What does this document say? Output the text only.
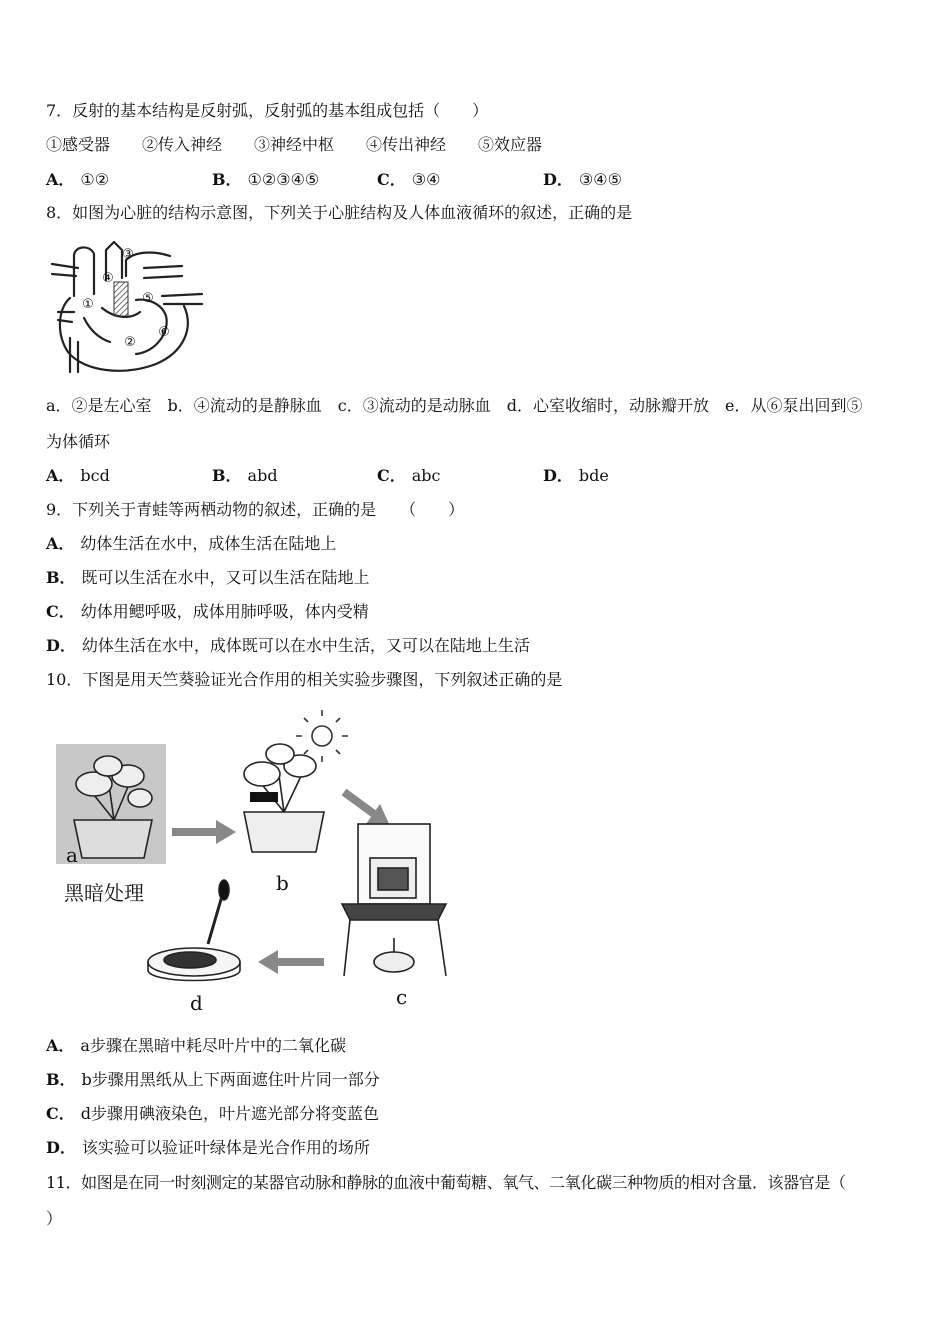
7．反射的基本结构是反射弧，反射弧的基本组成包括（　　）
①感受器　　②传入神经　　③神经中枢　　④传出神经　　⑤效应器
A． ①②	B． ①②③④⑤	C． ③④	D． ③④⑤
8．如图为心脏的结构示意图，下列关于心脏结构及人体血液循环的叙述，正确的是
③
④
①	⑤
⑥
②
a．②是左心室　b．④流动的是静脉血　c．③流动的是动脉血　d．心室收缩时，动脉瓣开放　e．从⑥泵出回到⑤
为体循环
A． bcd	B． abd	C． abc	D． bde
9．下列关于青蛙等两栖动物的叙述，正确的是　　（　　）
A． 幼体生活在水中，成体生活在陆地上
B． 既可以生活在水中，又可以生活在陆地上
C． 幼体用鳃呼吸，成体用肺呼吸，体内受精
D． 幼体生活在水中，成体既可以在水中生活，又可以在陆地上生活
10．下图是用天竺葵验证光合作用的相关实验步骤图，下列叙述正确的是
a
黑暗处理	b
c
d
A． a步骤在黑暗中耗尽叶片中的二氧化碳
B． b步骤用黑纸从上下两面遮住叶片同一部分
C． d步骤用碘液染色，叶片遮光部分将变蓝色
D． 该实验可以验证叶绿体是光合作用的场所
11．如图是在同一时刻测定的某器官动脉和静脉的血液中葡萄糖、氧气、二氧化碳三种物质的相对含量．该器官是（
）
